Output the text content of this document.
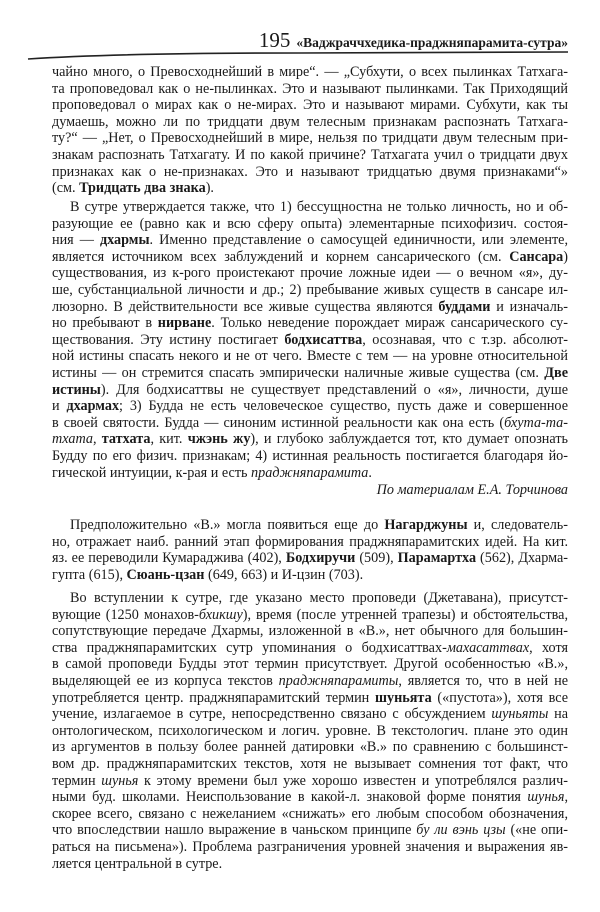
195 «Ваджраччхедика-праджняпарамита-сутра»
чайно много, о Превосходнейший в мире“. — „Субхути, о всех пылинках Татхага-
та проповедовал как о не-пылинках. Это и называют пылинками. Так Приходящий
проповедовал о мирах как о не-мирах. Это и называют мирами. Субхути, как ты
думаешь, можно ли по тридцати двум телесным признакам распознать Татхага-
ту?“ — „Нет, о Превосходнейший в мире, нельзя по тридцати двум телесным при-
знакам распознать Татхагату. И по какой причине? Татхагата учил о тридцати двух
признаках как о не-признаках. Это и называют тридцатью двумя признаками“»
(см. Тридцать два знака).
В сутре утверждается также, что 1) бессущностна не только личность, но и об-
разующие ее (равно как и всю сферу опыта) элементарные психофизич. состоя-
ния — дхармы. Именно представление о самосущей единичности, или элементе,
является источником всех заблуждений и корнем сансарического (см. Сансара)
существования, из к-рого проистекают прочие ложные идеи — о вечном «я», ду-
ше, субстанциальной личности и др.; 2) пребывание живых существ в сансаре ил-
люзорно. В действительности все живые существа являются буддами и изначаль-
но пребывают в нирване. Только неведение порождает мираж сансарического су-
ществования. Эту истину постигает бодхисаттва, осознавая, что с т.зр. абсолют-
ной истины спасать некого и не от чего. Вместе с тем — на уровне относительной
истины — он стремится спасать эмпирически наличные живые существа (см. Две
истины). Для бодхисаттвы не существует представлений о «я», личности, душе
и дхармах; 3) Будда не есть человеческое существо, пусть даже и совершенное
в своей святости. Будда — синоним истинной реальности как она есть (бхута-та-
тхата, татхата, кит. чжэнь жу), и глубоко заблуждается тот, кто думает опознать
Будду по его физич. признакам; 4) истинная реальность постигается благодаря йо-
гической интуиции, к-рая и есть праджняпарамита.
По материалам Е.А. Торчинова
Предположительно «В.» могла появиться еще до Нагарджуны и, следователь-
но, отражает наиб. ранний этап формирования праджняпарамитских идей. На кит.
яз. ее переводили Кумараджива (402), Бодхиручи (509), Парамартха (562), Дхарма-
гупта (615), Сюань-цзан (649, 663) и И-цзин (703).
Во вступлении к сутре, где указано место проповеди (Джетавана), присутст-
вующие (1250 монахов-бхикшу), время (после утренней трапезы) и обстоятельства,
сопутствующие передаче Дхармы, изложенной в «В.», нет обычного для большин-
ства праджняпарамитских сутр упоминания о бодхисаттвах-махасаттвах, хотя
в самой проповеди Будды этот термин присутствует. Другой особенностью «В.»,
выделяющей ее из корпуса текстов праджняпарамиты, является то, что в ней не
употребляется центр. праджняпарамитский термин шуньята («пустота»), хотя все
учение, излагаемое в сутре, непосредственно связано с обсуждением шуньяты на
онтологическом, психологическом и логич. уровне. В текстологич. плане это один
из аргументов в пользу более ранней датировки «В.» по сравнению с большинст-
вом др. праджняпарамитских текстов, хотя не вызывает сомнения тот факт, что
термин шунья к этому времени был уже хорошо известен и употреблялся различ-
ными буд. школами. Неиспользование в какой-л. знаковой форме понятия шунья,
скорее всего, связано с нежеланием «снижать» его любым способом обозначения,
что впоследствии нашло выражение в чаньском принципе бу ли вэнь цзы («не опи-
раться на письмена»). Проблема разграничения уровней значения и выражения яв-
ляется центральной в сутре.
